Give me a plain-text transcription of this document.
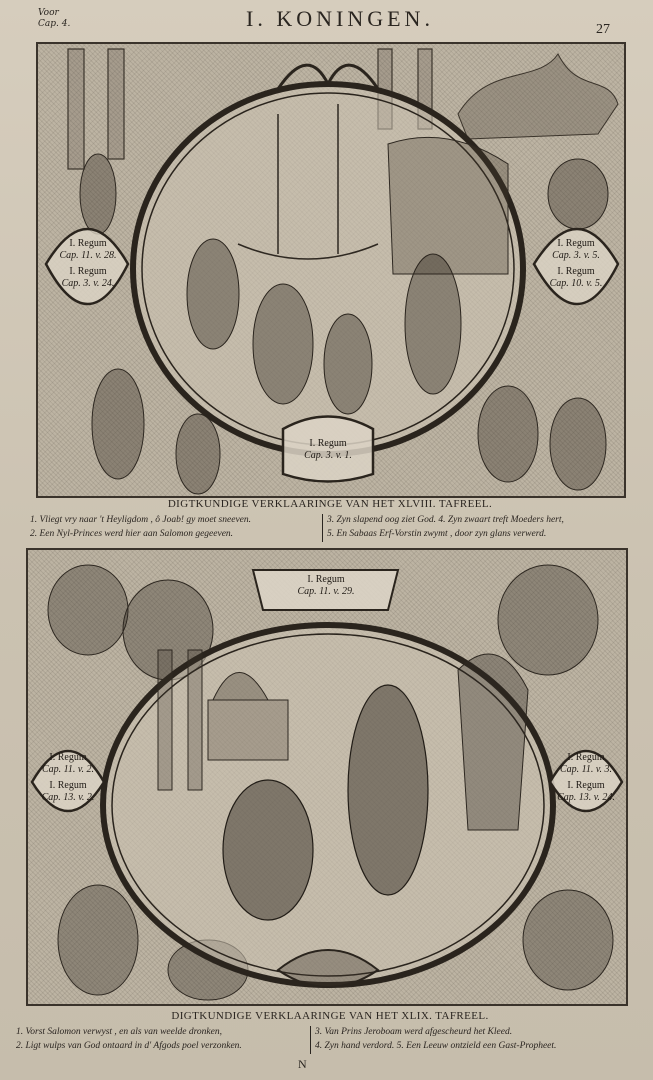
Voor
Cap. 4.	I. KONINGEN.	27
I. Regum
Cap. 11. v. 28.
I. Regum
Cap. 3. v. 24.
I. Regum
Cap. 3. v. 5.
I. Regum
Cap. 10. v. 5.
I. Regum
Cap. 3. v. 1.
DIGTKUNDIGE VERKLAARINGE VAN HET XLVIII. TAFREEL.
1. Vliegt vry naar 't Heyligdom , ô Joab! gy moet sneeven.
2. Een Nyl-Princes werd hier aan Salomon gegeeven.
3. Zyn slapend oog ziet God. 4. Zyn zwaart treft Moeders hert,
5. En Sabaas Erf-Vorstin zwymt , door zyn glans verwerd.
I. Regum
Cap. 11. v. 29.
I. Regum
Cap. 11. v. 2.
I. Regum
Cap. 13. v. 2.
I. Regum
Cap. 11. v. 3.
I. Regum
Cap. 13. v. 24.
DIGTKUNDIGE VERKLAARINGE VAN HET XLIX. TAFREEL.
1. Vorst Salomon verwyst , en als van weelde dronken,
2. Ligt wulps van God ontaard in d' Afgods poel verzonken.
3. Van Prins Jeroboam werd afgescheurd het Kleed.
4. Zyn hand verdord. 5. Een Leeuw ontzield een Gast-Propheet.
N
